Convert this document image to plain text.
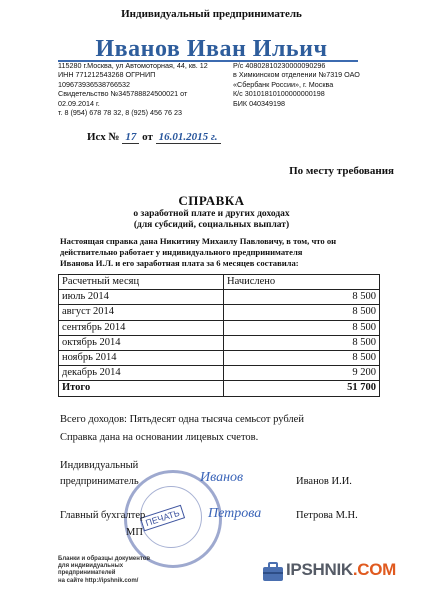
Индивидуальный предприниматель
Иванов Иван Ильич
115280 г.Москва, ул Автомоторная, 44, кв. 12
ИНН 771212543268 ОГРНИП
109673936538766532
Свидетельство №345788824500021 от
02.09.2014 г.
т. 8 (954) 678 78 32, 8 (925) 456 76 23
Р/с 40802810230000090296
в Химкинском отделении №7319 ОАО
«Сбербанк России», г. Москва
К/с 30101810100000000198
БИК 040349198
Исх № 17 от 16.01.2015 г.
По месту требования
СПРАВКА
о заработной плате и других доходах
(для субсидий, социальных выплат)
Настоящая справка дана Никитину Михаилу Павловичу, в том, что он
действительно работает у индивидуального предпринимателя
Иванова И.Л. и его заработная плата за 6 месяцев составила:
Расчетный месяц	Начислено
июль 2014	8 500
август 2014	8 500
сентябрь 2014	8 500
октябрь 2014	8 500
ноябрь 2014	8 500
декабрь 2014	9 200
Итого	51 700
Всего доходов: Пятьдесят одна тысяча семьсот рублей
Справка дана на основании лицевых счетов.
ПЕЧАТЬ
Индивидуальный
предприниматель	Иванов	Иванов И.И.
Главный бухгалтер	Петрова	Петрова М.Н.
МП
Бланки и образцы документов
для индивидуальных
предпринимателей
на сайте http://ipshnik.com/
IPSHNIK.COM
